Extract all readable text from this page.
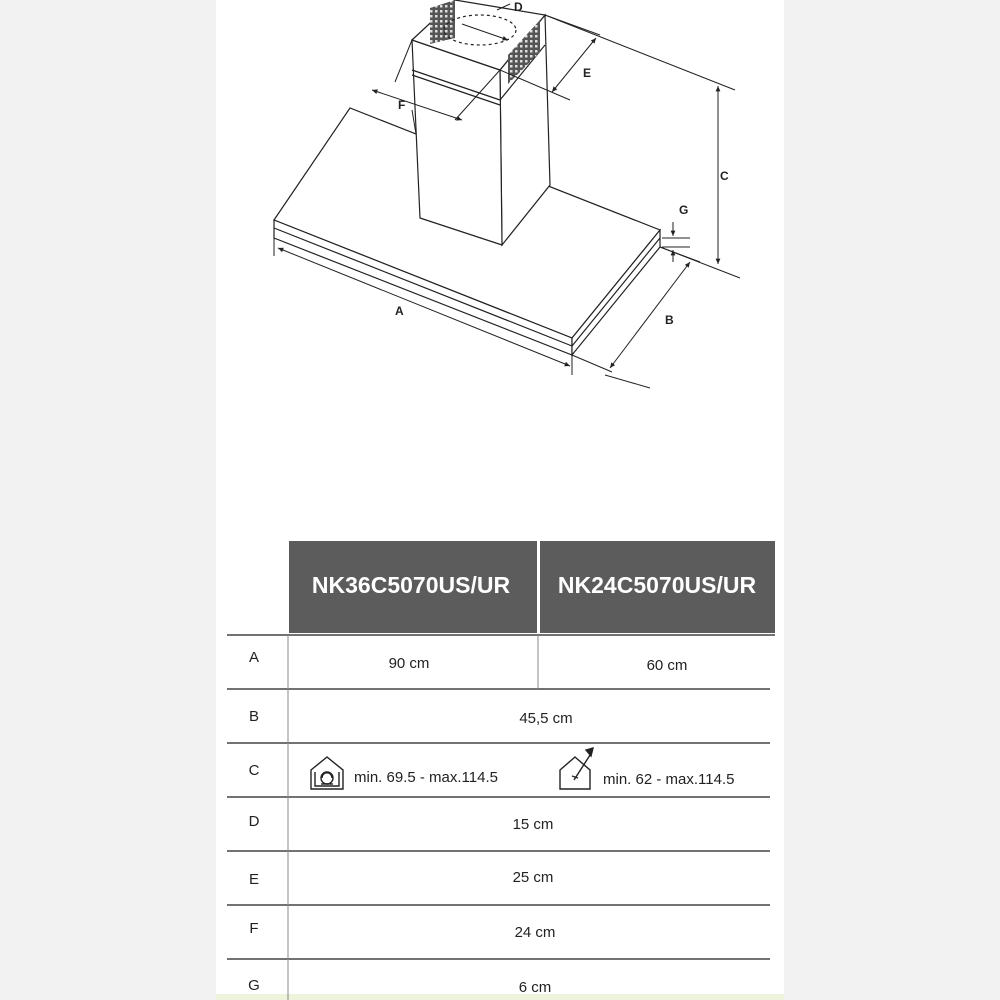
A
B
C
D
E
F
G
NK36C5070US/UR NK24C5070US/UR
A	90 cm	60 cm
B	45,5 cm
C	min. 69.5 - max.114.5	min. 62 - max.114.5
D	15 cm
E	25 cm
F	24 cm
G	6 cm
